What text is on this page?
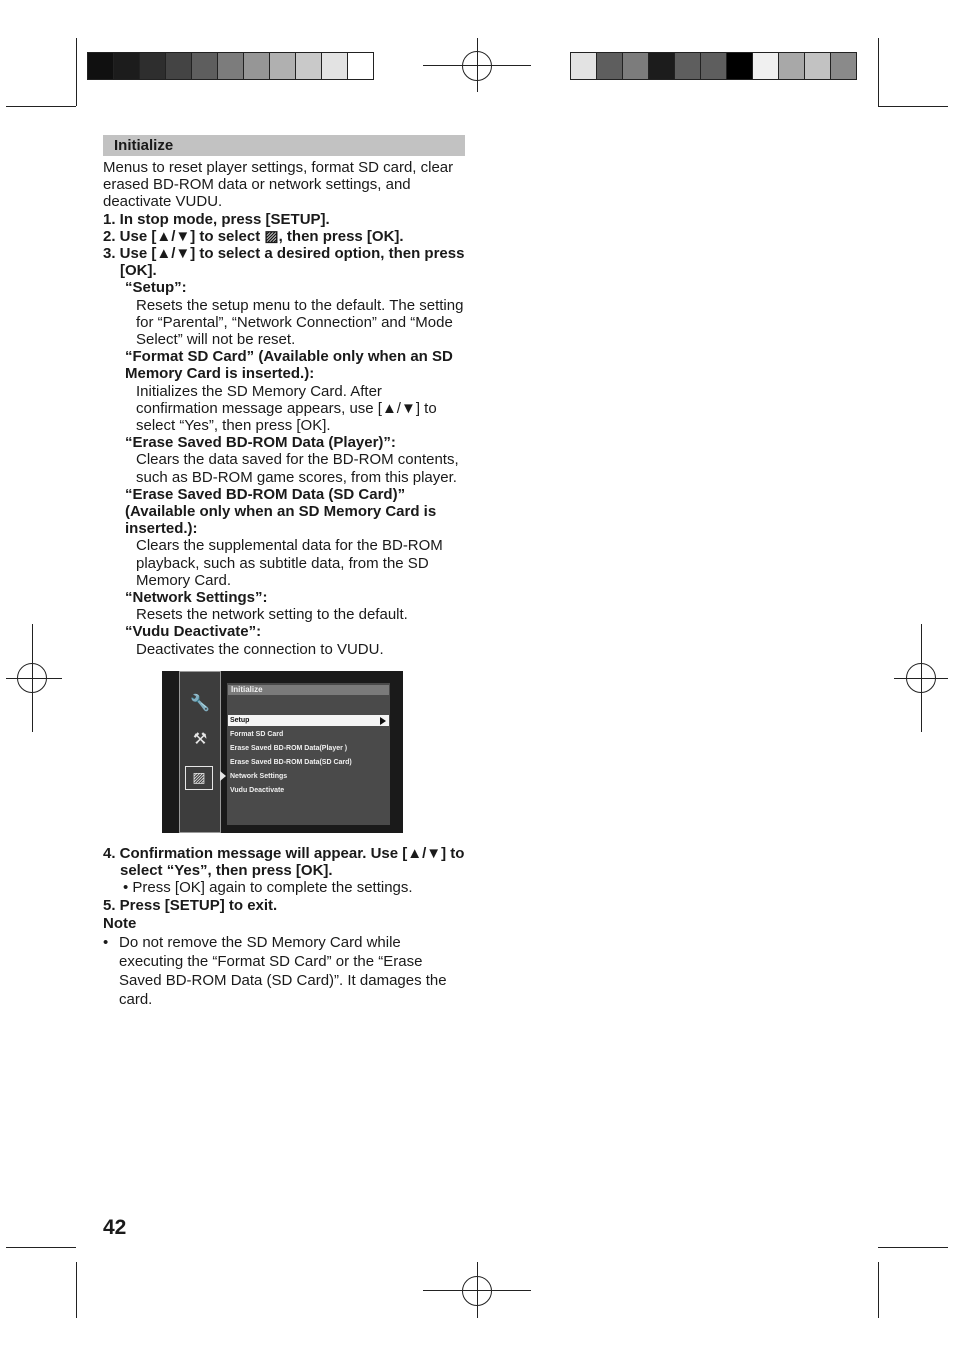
Initialize
Menus to reset player settings, format SD card, clear erased BD-ROM data or network settings, and deactivate VUDU.
1. In stop mode, press [SETUP].
2. Use [▲/▼] to select ▨, then press [OK].
3. Use [▲/▼] to select a desired option, then press [OK].
“Setup”:
Resets the setup menu to the default. The setting for “Parental”, “Network Connection” and “Mode Select” will not be reset.
“Format SD Card” (Available only when an SD Memory Card is inserted.):
Initializes the SD Memory Card. After confirmation message appears, use [▲/▼] to select “Yes”, then press [OK].
“Erase Saved BD-ROM Data (Player)”:
Clears the data saved for the BD-ROM contents, such as BD-ROM game scores, from this player.
“Erase Saved BD-ROM Data (SD Card)” (Available only when an SD Memory Card is inserted.):
Clears the supplemental data for the BD-ROM playback, such as subtitle data, from the SD Memory Card.
“Network Settings”:
Resets the network setting to the default.
“Vudu Deactivate”:
Deactivates the connection to VUDU.
🔧
⚒
▨
Initialize
Setup
Format SD Card
Erase Saved BD-ROM Data(Player )
Erase Saved BD-ROM Data(SD Card)
Network Settings
Vudu Deactivate
4. Confirmation message will appear. Use [▲/▼] to select “Yes”, then press [OK].
• Press [OK] again to complete the settings.
5. Press [SETUP] to exit.
Note
• Do not remove the SD Memory Card while executing the “Format SD Card” or the “Erase Saved BD-ROM Data (SD Card)”. It damages the card.
42
